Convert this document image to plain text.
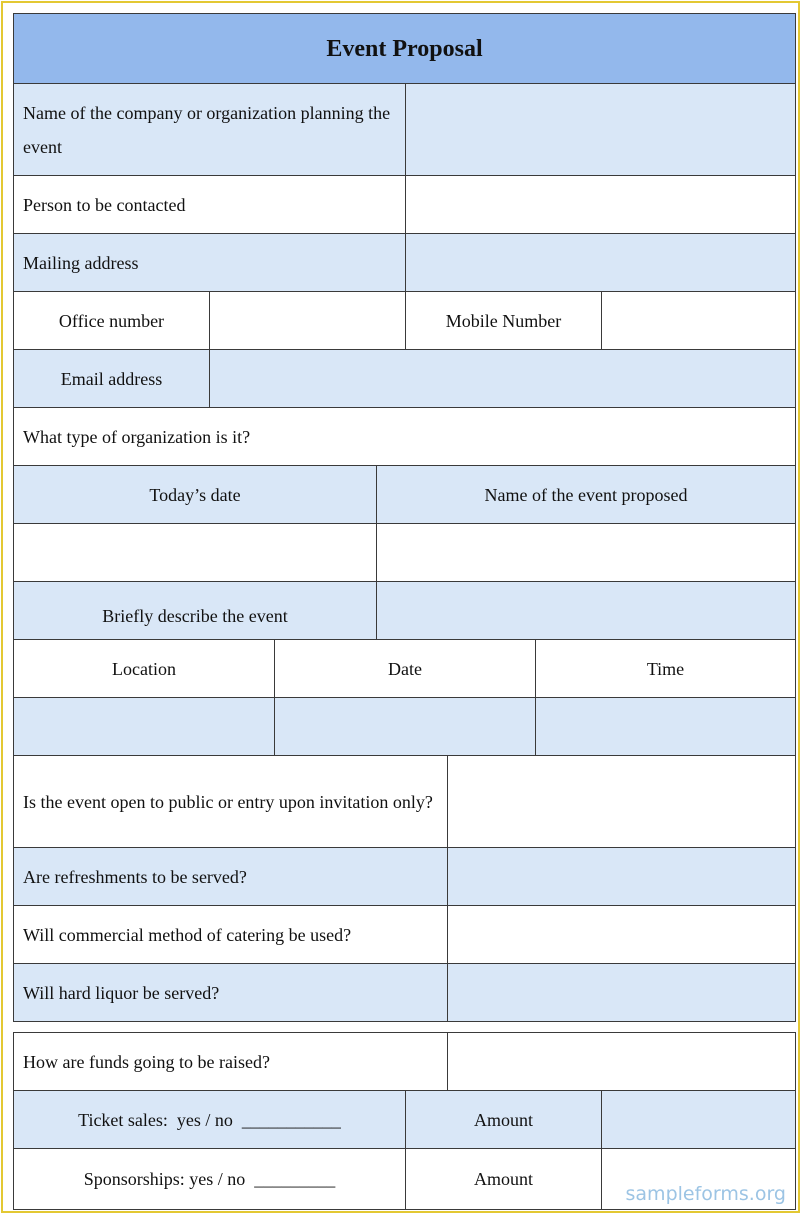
Event Proposal
Name of the company or organization planning the event
Person to be contacted
Mailing address
Office number	Mobile Number
Email address
What type of organization is it?
Today’s date	Name of the event proposed
Briefly describe the event
Location	Date	Time
Is the event open to public or entry upon invitation only?
Are refreshments to be served?
Will commercial method of catering be used?
Will hard liquor be served?
How are funds going to be raised?
Ticket sales:  yes / no  ___________	Amount
Sponsorships: yes / no  _________	Amount
sampleforms.org
